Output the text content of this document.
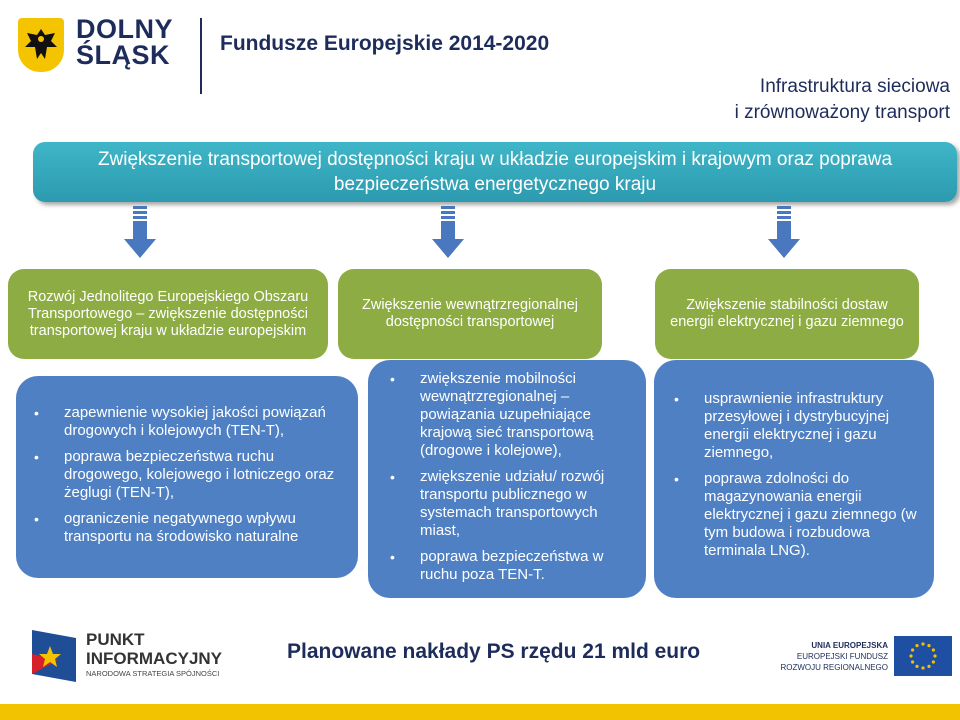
DOLNY
ŚLĄSK Fundusze Europejskie 2014-2020
Infrastruktura sieciowa
i zrównoważony transport
Zwiększenie transportowej dostępności kraju w układzie europejskim i krajowym oraz poprawa
bezpieczeństwa energetycznego kraju
Rozwój Jednolitego Europejskiego Obszaru
Transportowego – zwiększenie dostępności
transportowej kraju w układzie europejskim
Zwiększenie wewnątrzregionalnej
dostępności transportowej
Zwiększenie stabilności dostaw
energii elektrycznej i gazu ziemnego
• zapewnienie wysokiej jakości powiązań drogowych i kolejowych (TEN-T),
• poprawa bezpieczeństwa ruchu drogowego, kolejowego i lotniczego oraz żeglugi (TEN-T),
• ograniczenie negatywnego wpływu transportu na środowisko naturalne
• zwiększenie mobilności wewnątrzregionalnej – powiązania uzupełniające krajową sieć transportową (drogowe i kolejowe),
• zwiększenie udziału/ rozwój transportu publicznego w systemach transportowych miast,
• poprawa bezpieczeństwa w ruchu poza TEN-T.
• usprawnienie infrastruktury przesyłowej i dystrybucyjnej energii elektrycznej i gazu ziemnego,
• poprawa zdolności do magazynowania energii elektrycznej i gazu ziemnego (w tym budowa i rozbudowa terminala LNG).
PUNKT
INFORMACYJNY
NARODOWA STRATEGIA SPÓJNOŚCI
Planowane nakłady PS rzędu 21 mld euro	UNIA EUROPEJSKA
EUROPEJSKI FUNDUSZ
ROZWOJU REGIONALNEGO
